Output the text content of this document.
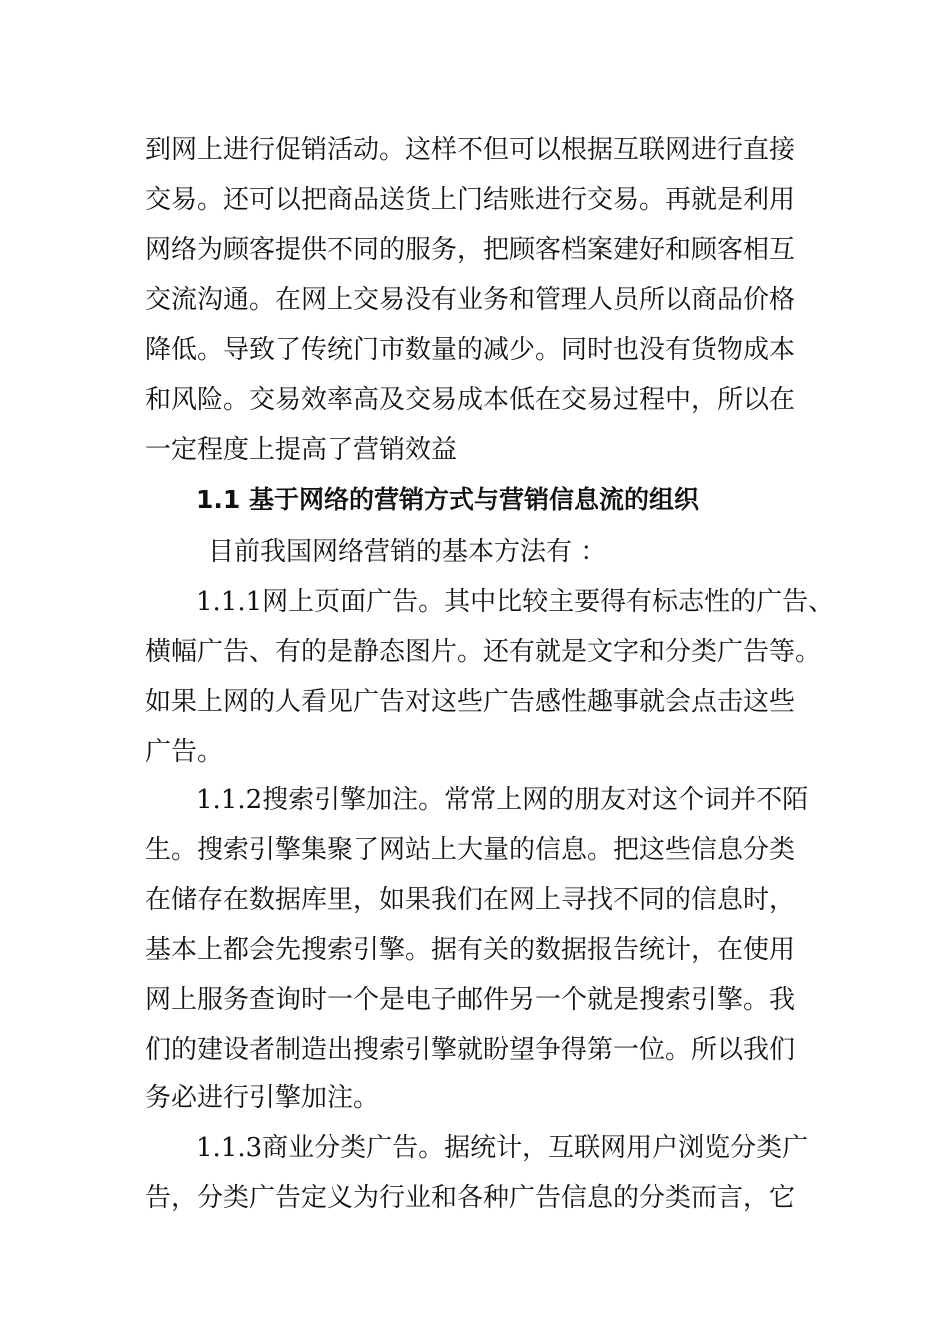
到网上进行促销活动。这样不但可以根据互联网进行直接
交易。还可以把商品送货上门结账进行交易。再就是利用
网络为顾客提供不同的服务，把顾客档案建好和顾客相互
交流沟通。在网上交易没有业务和管理人员所以商品价格
降低。导致了传统门市数量的减少。同时也没有货物成本
和风险。交易效率高及交易成本低在交易过程中，所以在
一定程度上提高了营销效益
1.1 基于网络的营销方式与营销信息流的组织
目前我国网络营销的基本方法有 ：
1.1.1网上页面广告。其中比较主要得有标志性的广告、
横幅广告、有的是静态图片。还有就是文字和分类广告等。
如果上网的人看见广告对这些广告感性趣事就会点击这些
广告。
1.1.2搜索引擎加注。常常上网的朋友对这个词并不陌
生。搜索引擎集聚了网站上大量的信息。把这些信息分类
在储存在数据库里，如果我们在网上寻找不同的信息时，
基本上都会先搜索引擎。据有关的数据报告统计，在使用
网上服务查询时一个是电子邮件另一个就是搜索引擎。我
们的建设者制造出搜索引擎就盼望争得第一位。所以我们
务必进行引擎加注。
1.1.3商业分类广告。据统计，互联网用户浏览分类广
告，分类广告定义为行业和各种广告信息的分类而言，它
